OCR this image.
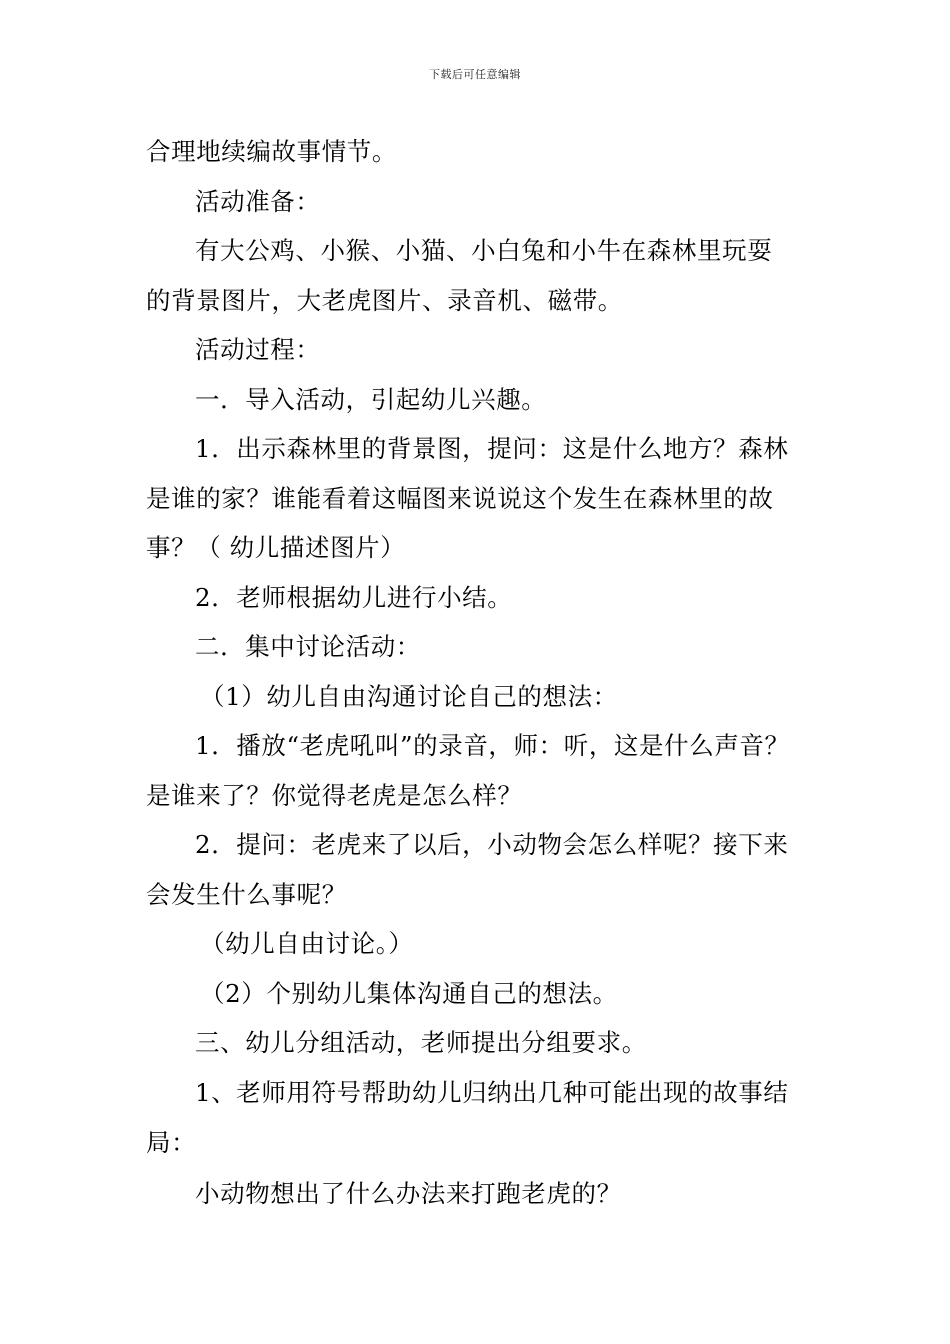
下载后可任意编辑
合理地续编故事情节。
活动准备：
有大公鸡、小猴、小猫、小白兔和小牛在森林里玩耍
的背景图片，大老虎图片、录音机、磁带。
活动过程：
一．导入活动，引起幼儿兴趣。
1．出示森林里的背景图，提问：这是什么地方？森林
是谁的家？谁能看着这幅图来说说这个发生在森林里的故
事？（ 幼儿描述图片）
2．老师根据幼儿进行小结。
二．集中讨论活动：
（1）幼儿自由沟通讨论自己的想法：
1．播放“老虎吼叫”的录音，师：听，这是什么声音？
是谁来了？你觉得老虎是怎么样？
2．提问：老虎来了以后，小动物会怎么样呢？接下来
会发生什么事呢？
（幼儿自由讨论。）
（2）个别幼儿集体沟通自己的想法。
三、幼儿分组活动，老师提出分组要求。
1、老师用符号帮助幼儿归纳出几种可能出现的故事结
局：
小动物想出了什么办法来打跑老虎的？
